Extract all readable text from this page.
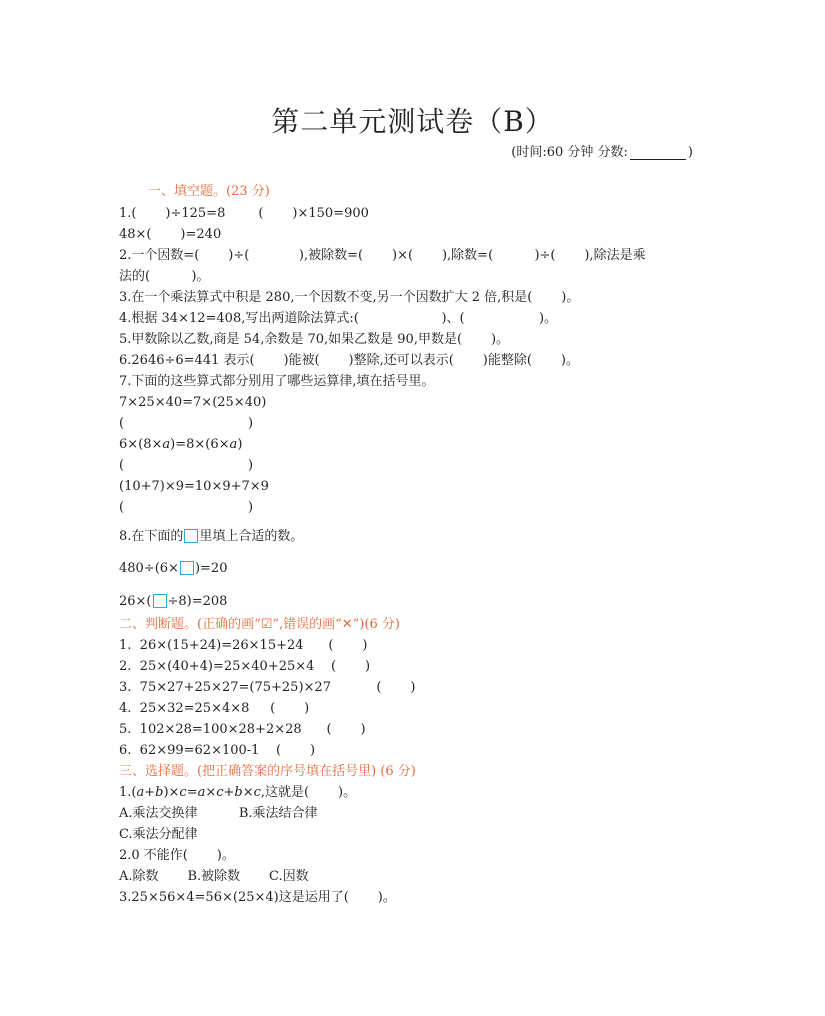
第二单元测试卷（B）
(时间:60 分钟 分数:	)
一、填空题。(23 分)
1.(       )÷125=8        (       )×150=900
48×(       )=240
2.一个因数=(       )÷(            ),被除数=(       )×(       ),除数=(          )÷(       ),除法是乘
法的(          )。
3.在一个乘法算式中积是 280,一个因数不变,另一个因数扩大 2 倍,积是(       )。
4.根据 34×12=408,写出两道除法算式:(                    )、(                  )。
5.甲数除以乙数,商是 54,余数是 70,如果乙数是 90,甲数是(       )。
6.2646÷6=441 表示(       )能被(       )整除,还可以表示(       )能整除(       )。
7.下面的这些算式都分别用了哪些运算律,填在括号里。
7×25×40=7×(25×40)
(                              )
6×(8×a)=8×(6×a)
(                              )
(10+7)×9=10×9+7×9
(                              )
8.在下面的 里填上合适的数。
480÷(6× )=20
26×( ÷8)=208
二、判断题。(正确的画“☑”,错误的画“✕”)(6 分)
1.  26×(15+24)=26×15+24      (       )
2.  25×(40+4)=25×40+25×4    (       )
3.  75×27+25×27=(75+25)×27           (       )
4.  25×32=25×4×8     (       )
5.  102×28=100×28+2×28      (       )
6.  62×99=62×100-1    (       )
三、选择题。(把正确答案的序号填在括号里) (6 分)
1.(a+b)×c=a×c+b×c,这就是(       )。
A.乘法交换律          B.乘法结合律
C.乘法分配律
2.0 不能作(       )。
A.除数       B.被除数       C.因数
3.25×56×4=56×(25×4)这是运用了(       )。
